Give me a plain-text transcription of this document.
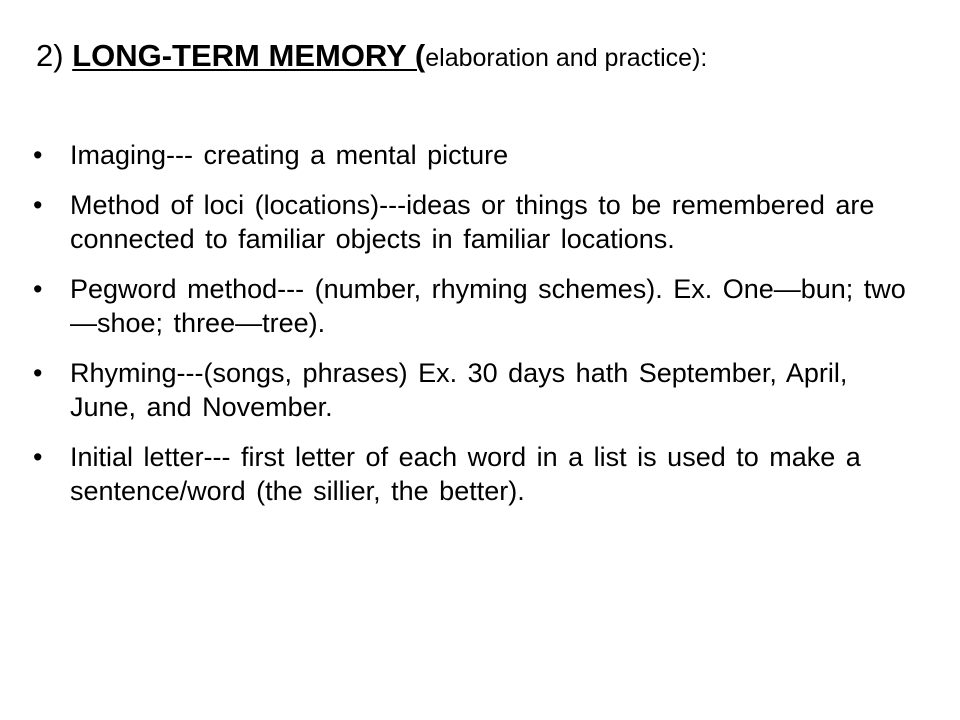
2) LONG-TERM MEMORY (elaboration and practice):
•	Imaging--- creating a mental picture
•	Method of loci (locations)---ideas or things to be remembered are connected to familiar objects in familiar locations.
•	Pegword method--- (number, rhyming schemes). Ex. One—bun; two—shoe; three—tree).
•	Rhyming---(songs, phrases) Ex. 30 days hath September, April, June, and November.
•	Initial letter--- first letter of each word in a list is used to make a sentence/word (the sillier, the better).
